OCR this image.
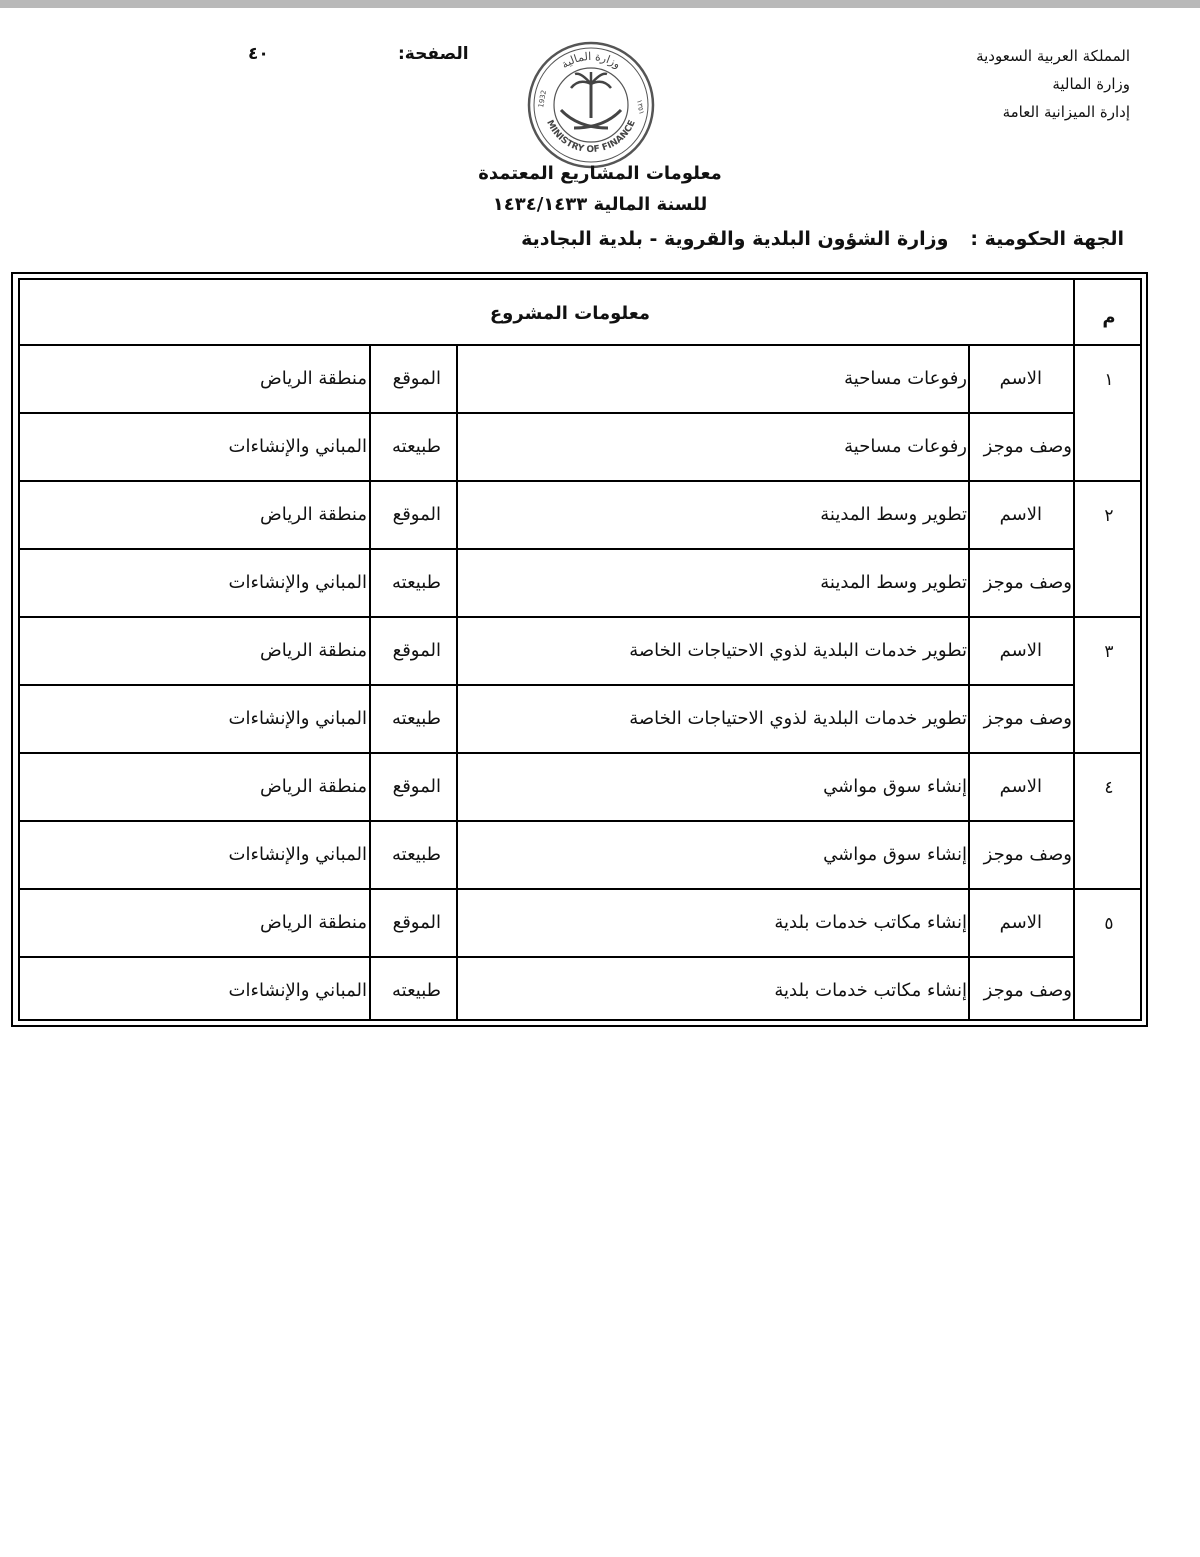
المملكة العربية السعودية
وزارة المالية
إدارة الميزانية العامة
الصفحة:
٤٠
وزارة المالية
MINISTRY OF FINANCE
1932	١٣٥١
معلومات المشاريع المعتمدة
للسنة المالية ١٤٣٤/١٤٣٣
الجهة الحكومية :وزارة الشؤون البلدية والقروية - بلدية البجادية
معلومات المشروع	م
١
الاسم
رفوعات مساحية
الموقع
منطقة الرياض
وصف موجز
رفوعات مساحية
طبيعته
المباني والإنشاءات
٢
الاسم
تطوير وسط المدينة
الموقع
منطقة الرياض
وصف موجز
تطوير وسط المدينة
طبيعته
المباني والإنشاءات
٣
الاسم
تطوير خدمات البلدية لذوي الاحتياجات الخاصة
الموقع
منطقة الرياض
وصف موجز
تطوير خدمات البلدية لذوي الاحتياجات الخاصة
طبيعته
المباني والإنشاءات
٤
الاسم
إنشاء سوق مواشي
الموقع
منطقة الرياض
وصف موجز
إنشاء سوق مواشي
طبيعته
المباني والإنشاءات
٥
الاسم
إنشاء مكاتب خدمات بلدية
الموقع
منطقة الرياض
وصف موجز
إنشاء مكاتب خدمات بلدية
طبيعته
المباني والإنشاءات
